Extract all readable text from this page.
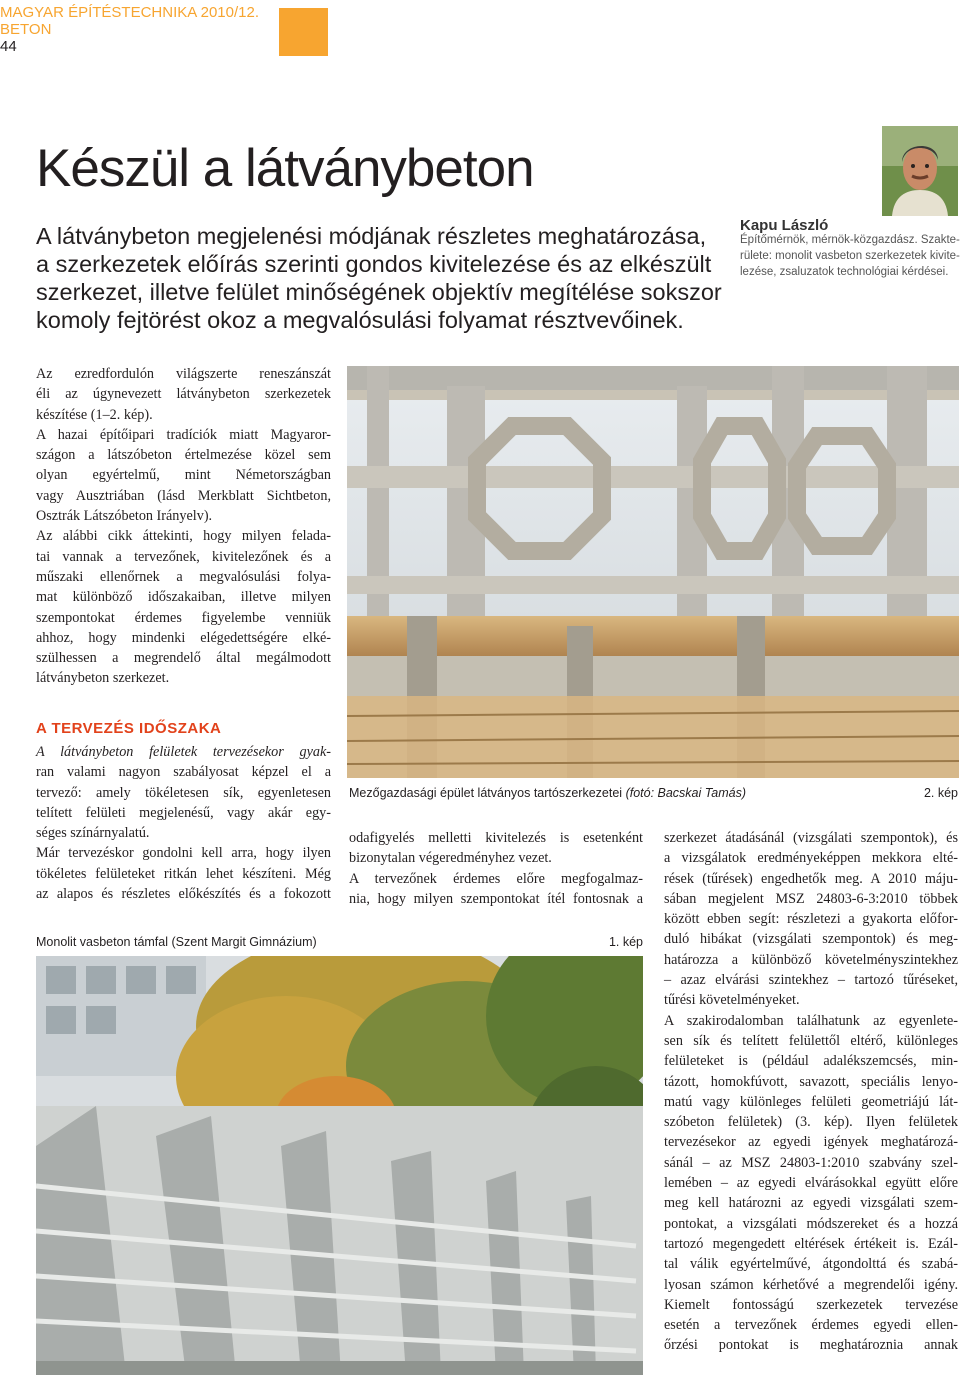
MAGYAR ÉPÍTÉSTECHNIKA 2010/12.
BETON
44
Készül a látványbeton
A látványbeton megjelenési módjának részletes meghatározása,
a szerkezetek előírás szerinti gondos kivitelezése és az elkészült
szerkezet, illetve felület minőségének objektív megítélése sokszor
komoly fejtörést okoz a megvalósulási folyamat résztvevőinek.
Kapu László
Építőmérnök, mérnök-közgazdász. Szakte-
rülete: monolit vasbeton szerkezetek kivite-
lezése, zsaluzatok technológiai kérdései.
Az ezredfordulón világszerte reneszánszát
éli az úgynevezett látványbeton szerkezetek
készítése (1–2. kép).
A hazai építőipari tradíciók miatt Magyaror-
szágon a látszóbeton értelmezése közel sem
olyan egyértelmű, mint Németországban
vagy Ausztriában (lásd Merkblatt Sichtbeton,
Osztrák Látszóbeton Irányelv).
Az alábbi cikk áttekinti, hogy milyen felada-
tai vannak a tervezőnek, kivitelezőnek és a
műszaki ellenőrnek a megvalósulási folya-
mat különböző időszakaiban, illetve milyen
szempontokat érdemes figyelembe venniük
ahhoz, hogy mindenki elégedettségére elké-
szülhessen a megrendelő által megálmodott
látványbeton szerkezet.
A TERVEZÉS IDŐSZAKA
A látványbeton felületek tervezésekor gyak-
ran valami nagyon szabályosat képzel el a
tervező: amely tökéletesen sík, egyenletesen
telített felületi megjelenésű, vagy akár egy-
séges színárnyalatú.
Már tervezéskor gondolni kell arra, hogy ilyen
tökéletes felületeket ritkán lehet készíteni. Még
az alapos és részletes előkészítés és a fokozott
Mezőgazdasági épület látványos tartószerkezetei (fotó: Bacskai Tamás)	2. kép
odafigyelés melletti kivitelezés is esetenként
bizonytalan végeredményhez vezet.
A tervezőnek érdemes előre megfogalmaz-
nia, hogy milyen szempontokat ítél fontosnak a
szerkezet átadásánál (vizsgálati szempontok), és
a vizsgálatok eredményeképpen mekkora elté-
rések (tűrések) engedhetők meg. A 2010 máju-
sában megjelent MSZ 24803-6-3:2010 többek
között ebben segít: részletezi a gyakorta előfor-
duló hibákat (vizsgálati szempontok) és meg-
határozza a különböző követelményszintekhez
– azaz elvárási szintekhez – tartozó tűréseket,
tűrési követelményeket.
A szakirodalomban találhatunk az egyenlete-
sen sík és telített felülettől eltérő, különleges
felületeket is (például adalékszemcsés, min-
tázott, homokfúvott, savazott, speciális lenyo-
matú vagy különleges felületi geometriájú lát-
szóbeton felületek) (3. kép). Ilyen felületek
tervezésekor az egyedi igények meghatározá-
sánál – az MSZ 24803-1:2010 szabvány szel-
lemében – az egyedi elvárásokkal együtt előre
meg kell határozni az egyedi vizsgálati szem-
pontokat, a vizsgálati módszereket és a hozzá
tartozó megengedett eltérések értékeit is. Ezál-
tal válik egyértelművé, átgondolttá és szabá-
lyosan számon kérhetővé a megrendelői igény.
Kiemelt fontosságú szerkezetek tervezése
esetén a tervezőnek érdemes egyedi ellen-
őrzési pontokat is meghatároznia annak
Monolit vasbeton támfal (Szent Margit Gimnázium)	1. kép
